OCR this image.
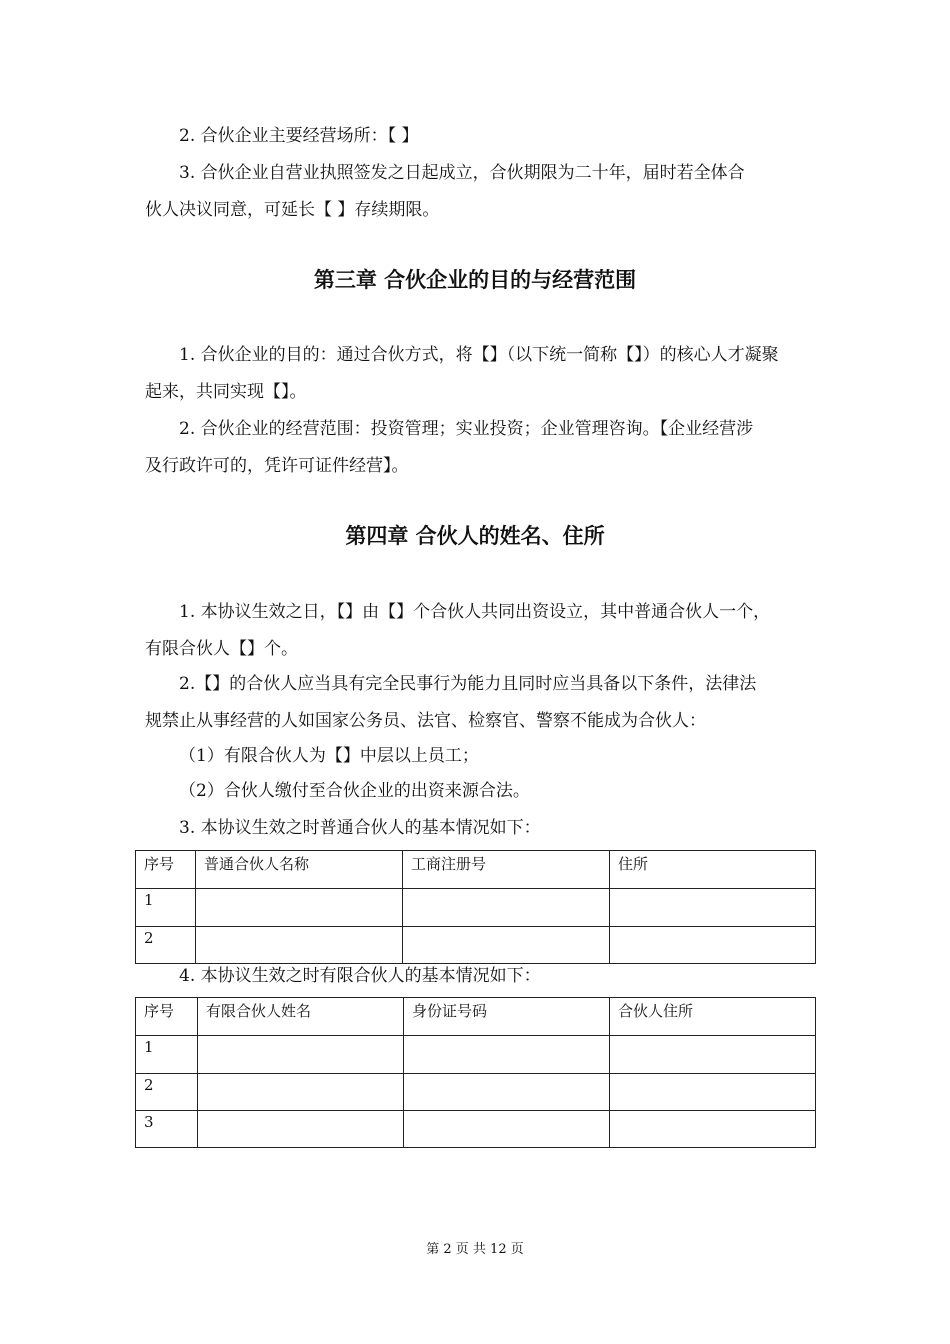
2. 合伙企业主要经营场所：【 】

3. 合伙企业自营业执照签发之日起成立，合伙期限为二十年，届时若全体合

伙人决议同意，可延长【 】存续期限。

第三章 合伙企业的目的与经营范围

1. 合伙企业的目的：通过合伙方式，将【】（以下统一简称【】）的核心人才凝聚

起来，共同实现【】。

2. 合伙企业的经营范围：投资管理；实业投资；企业管理咨询。【企业经营涉

及行政许可的，凭许可证件经营】。

第四章 合伙人的姓名、住所

1. 本协议生效之日，【】由【】个合伙人共同出资设立，其中普通合伙人一个，

有限合伙人【】个。

2.【】的合伙人应当具有完全民事行为能力且同时应当具备以下条件，法律法

规禁止从事经营的人如国家公务员、法官、检察官、警察不能成为合伙人：

（1）有限合伙人为【】中层以上员工；

（2）合伙人缴付至合伙企业的出资来源合法。

3. 本协议生效之时普通合伙人的基本情况如下：

序号	普通合伙人名称	工商注册号	住所
1			
2			

4. 本协议生效之时有限合伙人的基本情况如下：

序号	有限合伙人姓名	身份证号码	合伙人住所
1			
2			
3			
第 2 页 共 12 页
